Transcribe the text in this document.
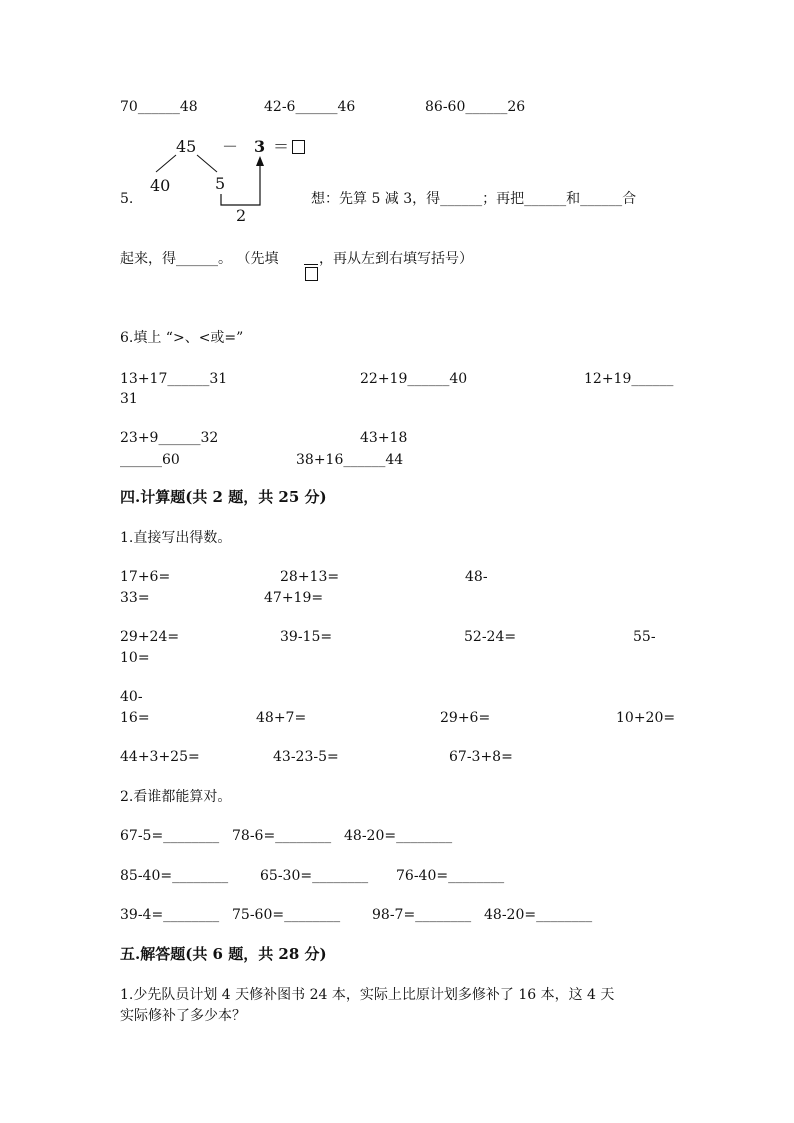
70______48	42-6______46	86-60______26
45 － 3 ＝
40	5
2
5.	想：先算 5 减 3，得______；再把______和______合
起来，得______。 （先填	，再从左到右填写括号）
6.填上 “>、<或=”
13+17______31	22+19______40	12+19______
31
23+9______32	43+18
______60	38+16______44
四.计算题(共 2 题，共 25 分)
1.直接写出得数。
17+6=	28+13=	48-
33=	47+19=
29+24=	39-15=	52-24=	55-
10=
40-
16=	48+7=	29+6=	10+20=
44+3+25=	43-23-5=	67-3+8=
2.看谁都能算对。
67-5=________ 78-6=________ 48-20=________
85-40=________ 65-30=________ 76-40=________
39-4=________ 75-60=________ 98-7=________ 48-20=________
五.解答题(共 6 题，共 28 分)
1.少先队员计划 4 天修补图书 24 本，实际上比原计划多修补了 16 本，这 4 天
实际修补了多少本？
